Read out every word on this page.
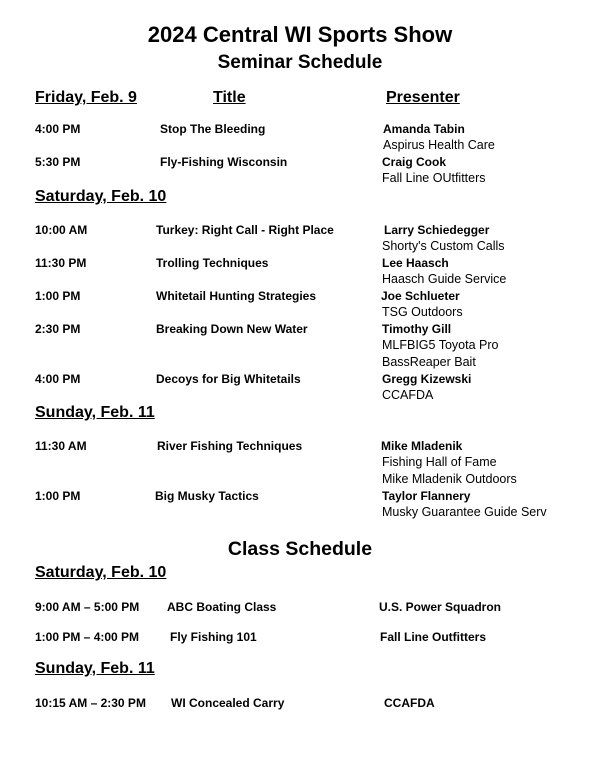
2024 Central WI Sports Show
Seminar Schedule
Friday, Feb. 9	Title	Presenter
4:00 PM	Stop The Bleeding	Amanda Tabin
Aspirus Health Care
5:30 PM	Fly-Fishing Wisconsin	Craig Cook
Fall Line OUtfitters
Saturday, Feb. 10
10:00 AM	Turkey: Right Call - Right Place	Larry Schiedegger
Shorty's Custom Calls
11:30 PM	Trolling Techniques	Lee Haasch
Haasch Guide Service
1:00 PM	Whitetail Hunting Strategies	Joe Schlueter
TSG Outdoors
2:30 PM	Breaking Down New Water	Timothy Gill
MLFBIG5 Toyota Pro
BassReaper Bait
4:00 PM	Decoys for Big Whitetails	Gregg Kizewski
CCAFDA
Sunday, Feb. 11
11:30 AM	River Fishing Techniques	Mike Mladenik
Fishing Hall of Fame
Mike Mladenik Outdoors
1:00 PM	Big Musky Tactics	Taylor Flannery
Musky Guarantee Guide Serv
Class Schedule
Saturday, Feb. 10
9:00 AM – 5:00 PM ABC Boating Class	U.S. Power Squadron
1:00 PM – 4:00 PM	Fly Fishing 101	Fall Line Outfitters
Sunday, Feb. 11
10:15 AM – 2:30 PM WI Concealed Carry	CCAFDA
